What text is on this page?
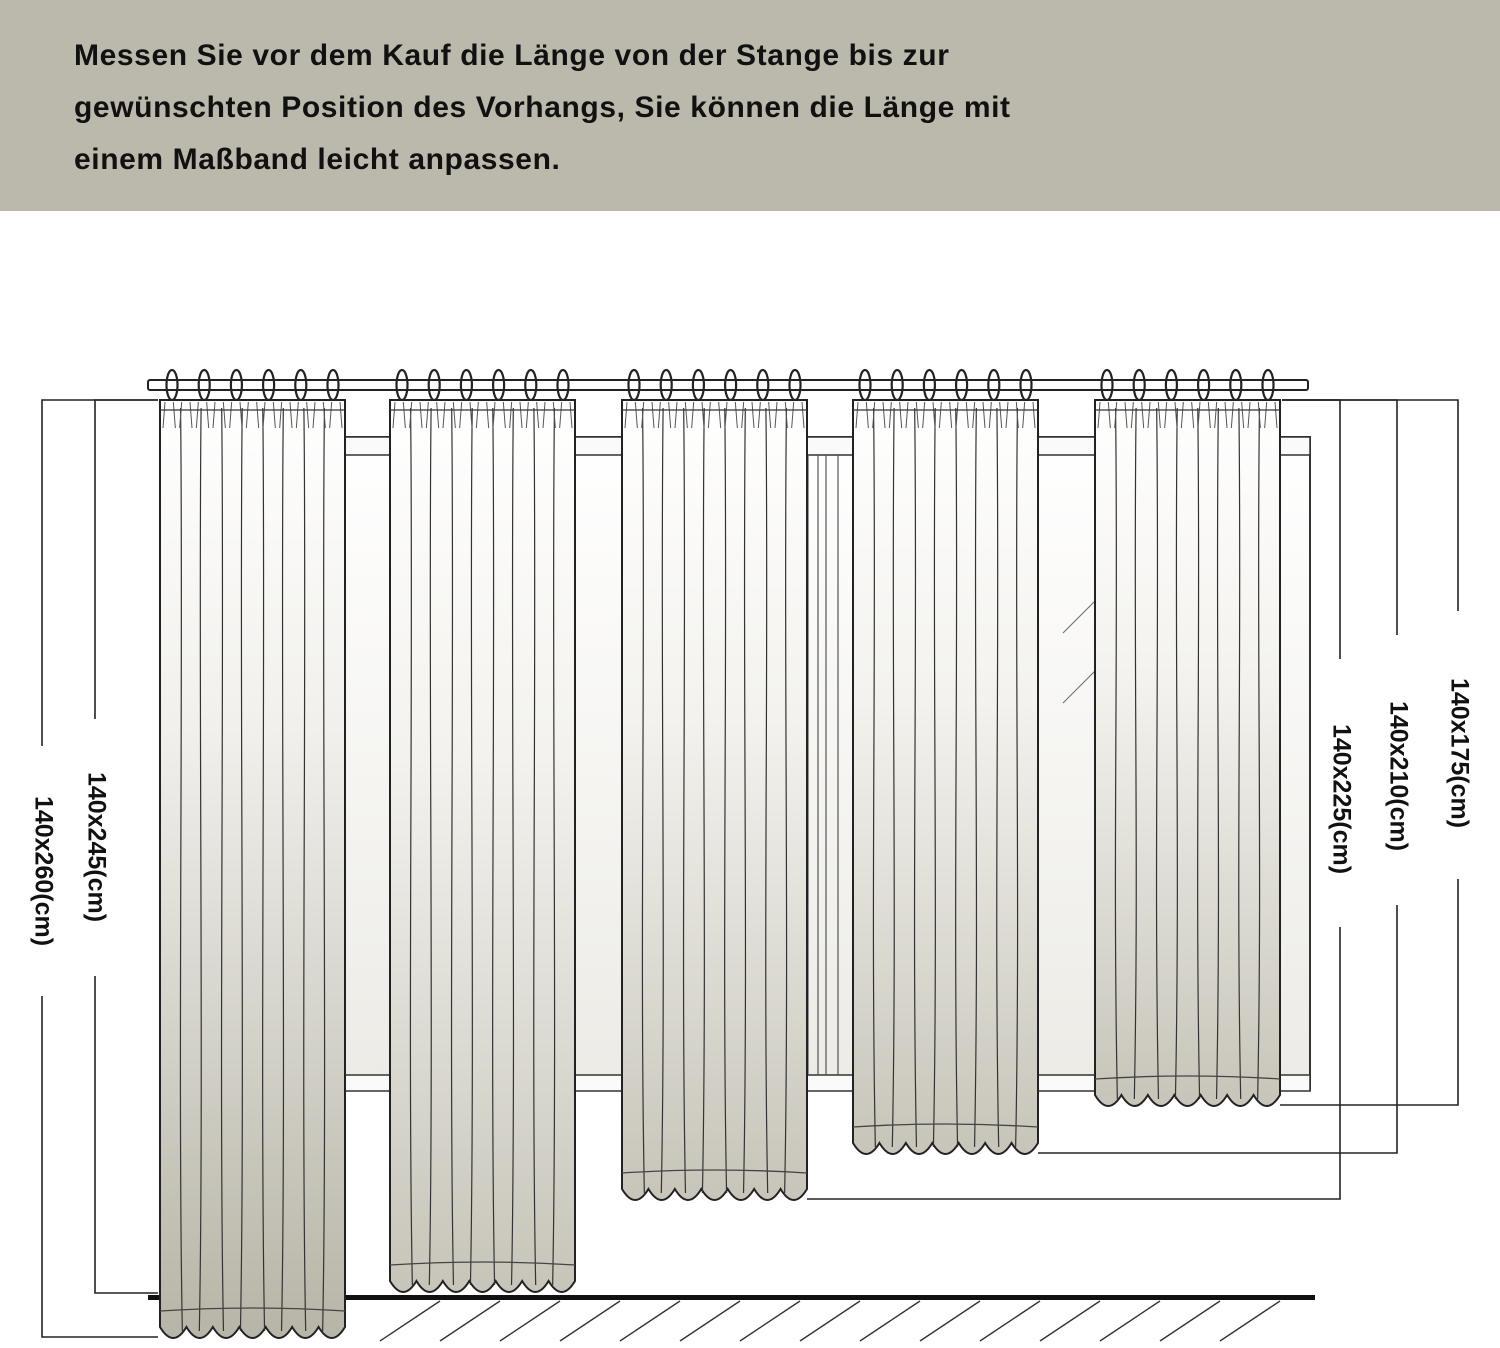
Messen Sie vor dem Kauf die Länge von der Stange bis zur
gewünschten Position des Vorhangs, Sie können die Länge mit
einem Maßband leicht anpassen.

140x260(cm) 140x245(cm)	140x225(cm) 140x210(cm) 140x175(cm)
